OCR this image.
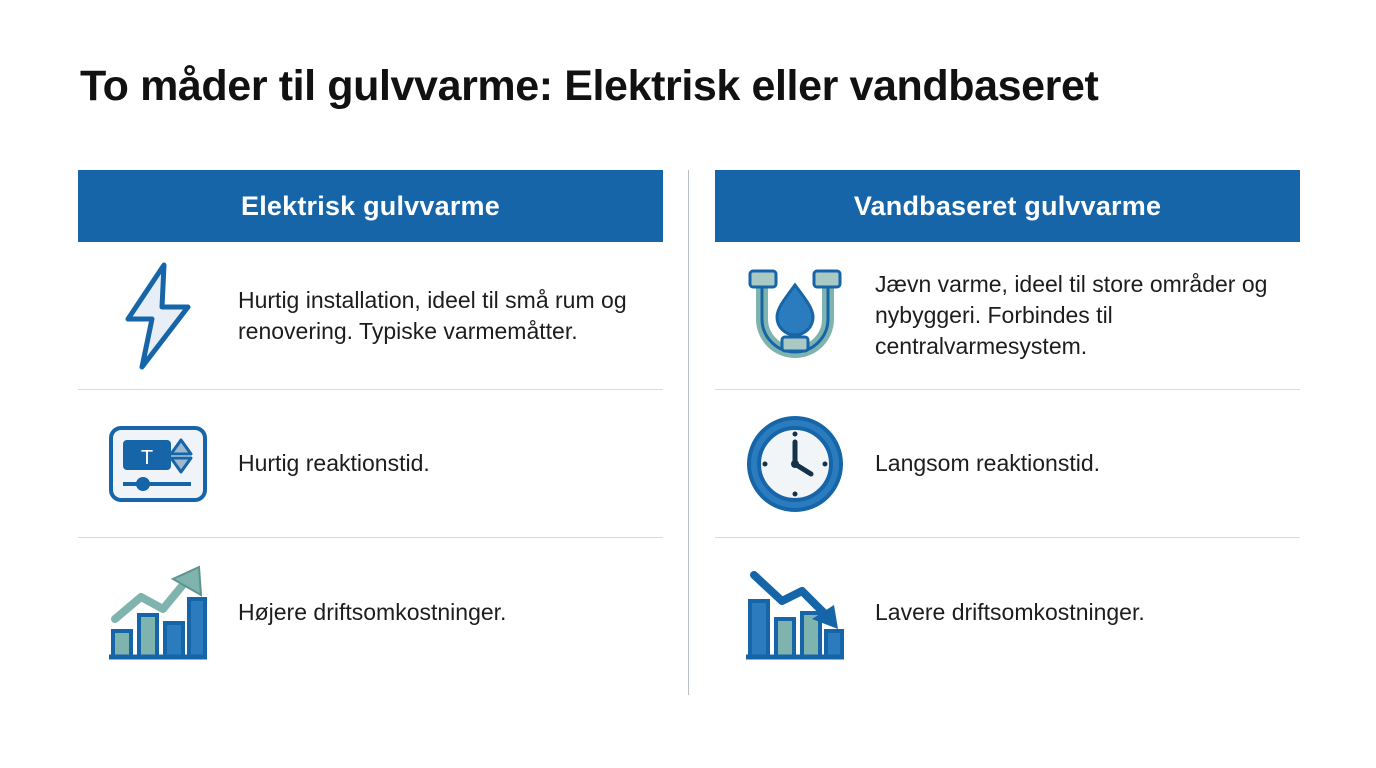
To måder til gulvvarme: Elektrisk eller vandbaseret
Elektrisk gulvvarme
Hurtig installation, ideel til små rum og renovering. Typiske varmemåtter.
T	Hurtig reaktionstid.
Højere driftsomkostninger.
Vandbaseret gulvvarme
Jævn varme, ideel til store områder og nybyggeri. Forbindes til centralvarmesystem.
Langsom reaktionstid.
Lavere driftsomkostninger.
